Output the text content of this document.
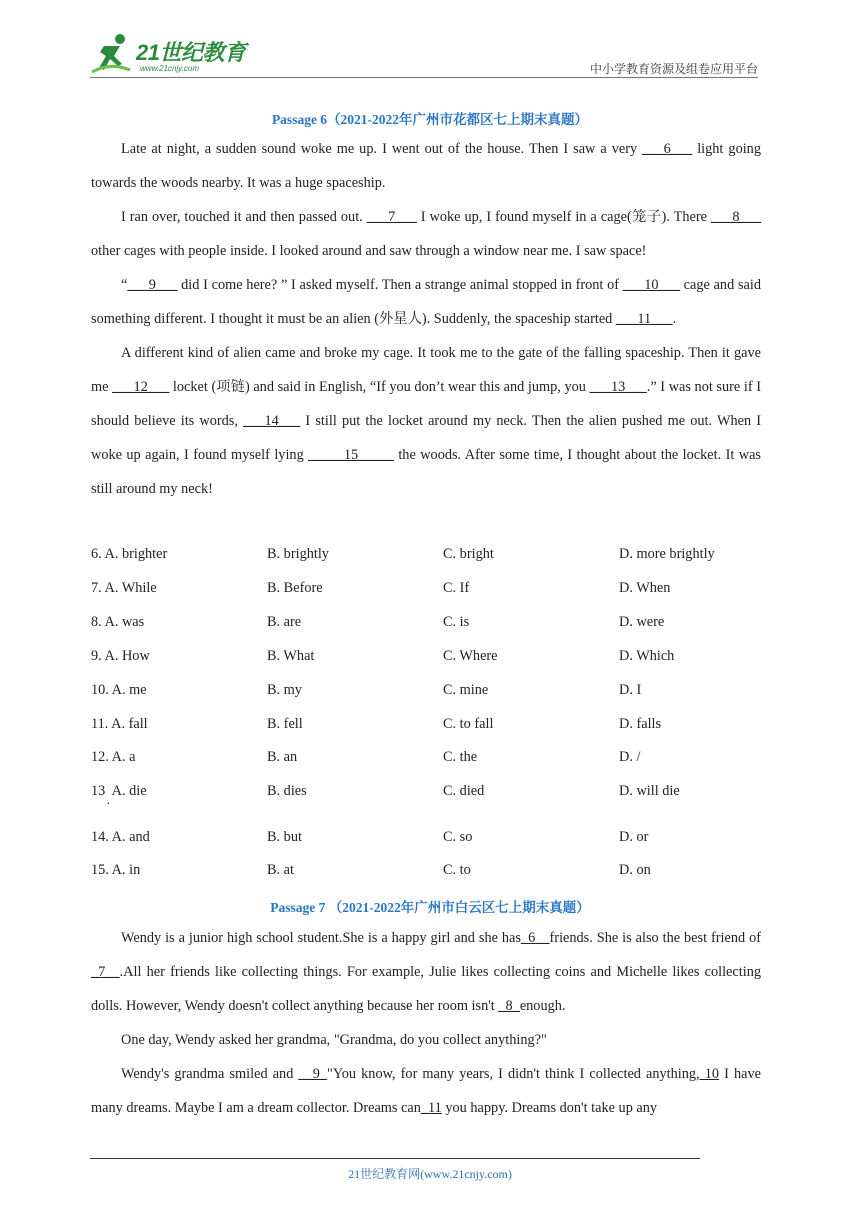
21世纪教育
www.21cnjy.com	中小学教育资源及组卷应用平台
Passage 6（2021-2022年广州市花都区七上期末真题）

Late at night, a sudden sound woke me up. I went out of the house. Then I saw a very ___6___ light going towards the woods nearby. It was a huge spaceship.

I ran over, touched it and then passed out. ___7___ I woke up, I found myself in a cage(笼子). There ___8___ other cages with people inside. I looked around and saw through a window near me. I saw space!

“___9___ did I come here? ” I asked myself. Then a strange animal stopped in front of ___10___ cage and said something different. I thought it must be an alien (外星人). Suddenly, the spaceship started ___11___.

A different kind of alien came and broke my cage. It took me to the gate of the falling spaceship. Then it gave me ___12___ locket (项链) and said in English, “If you don’t wear this and jump, you ___13___.” I was not sure if I should believe its words, ___14___ I still put the locket around my neck. Then the alien pushed me out. When I woke up again, I found myself lying _____15_____ the woods. After some time, I thought about the locket. It was still around my neck!

6. A. brighter	B. brightly	C. bright	D. more brightly
7. A. While	B. Before	C. If	D. When
8. A. was	B. are	C. is	D. were
9. A. How	B. What	C. Where	D. Which
10. A. me	B. my	C. mine	D. I
11. A. fall	B. fell	C. to fall	D. falls
12. A. a	B. an	C. the	D. /
13  A. die	B. dies	C. died	D. will die
·
14. A. and	B. but	C. so	D. or
15. A. in	B. at	C. to	D. on
Passage 7 （2021-2022年广州市白云区七上期末真题）

Wendy is a junior high school student.She is a happy girl and she has_6__friends. She is also the best friend of _7__.All her friends like collecting things. For example, Julie likes collecting coins and Michelle likes collecting dolls. However, Wendy doesn't collect anything because her room isn't _8_enough.

One day, Wendy asked her grandma, "Grandma, do you collect anything?"

Wendy's grandma smiled and __9_"You know, for many years, I didn't think I collected anything, 10 I have many dreams. Maybe I am a dream collector. Dreams can_11 you happy. Dreams don't take up any

21世纪教育网(www.21cnjy.com)
